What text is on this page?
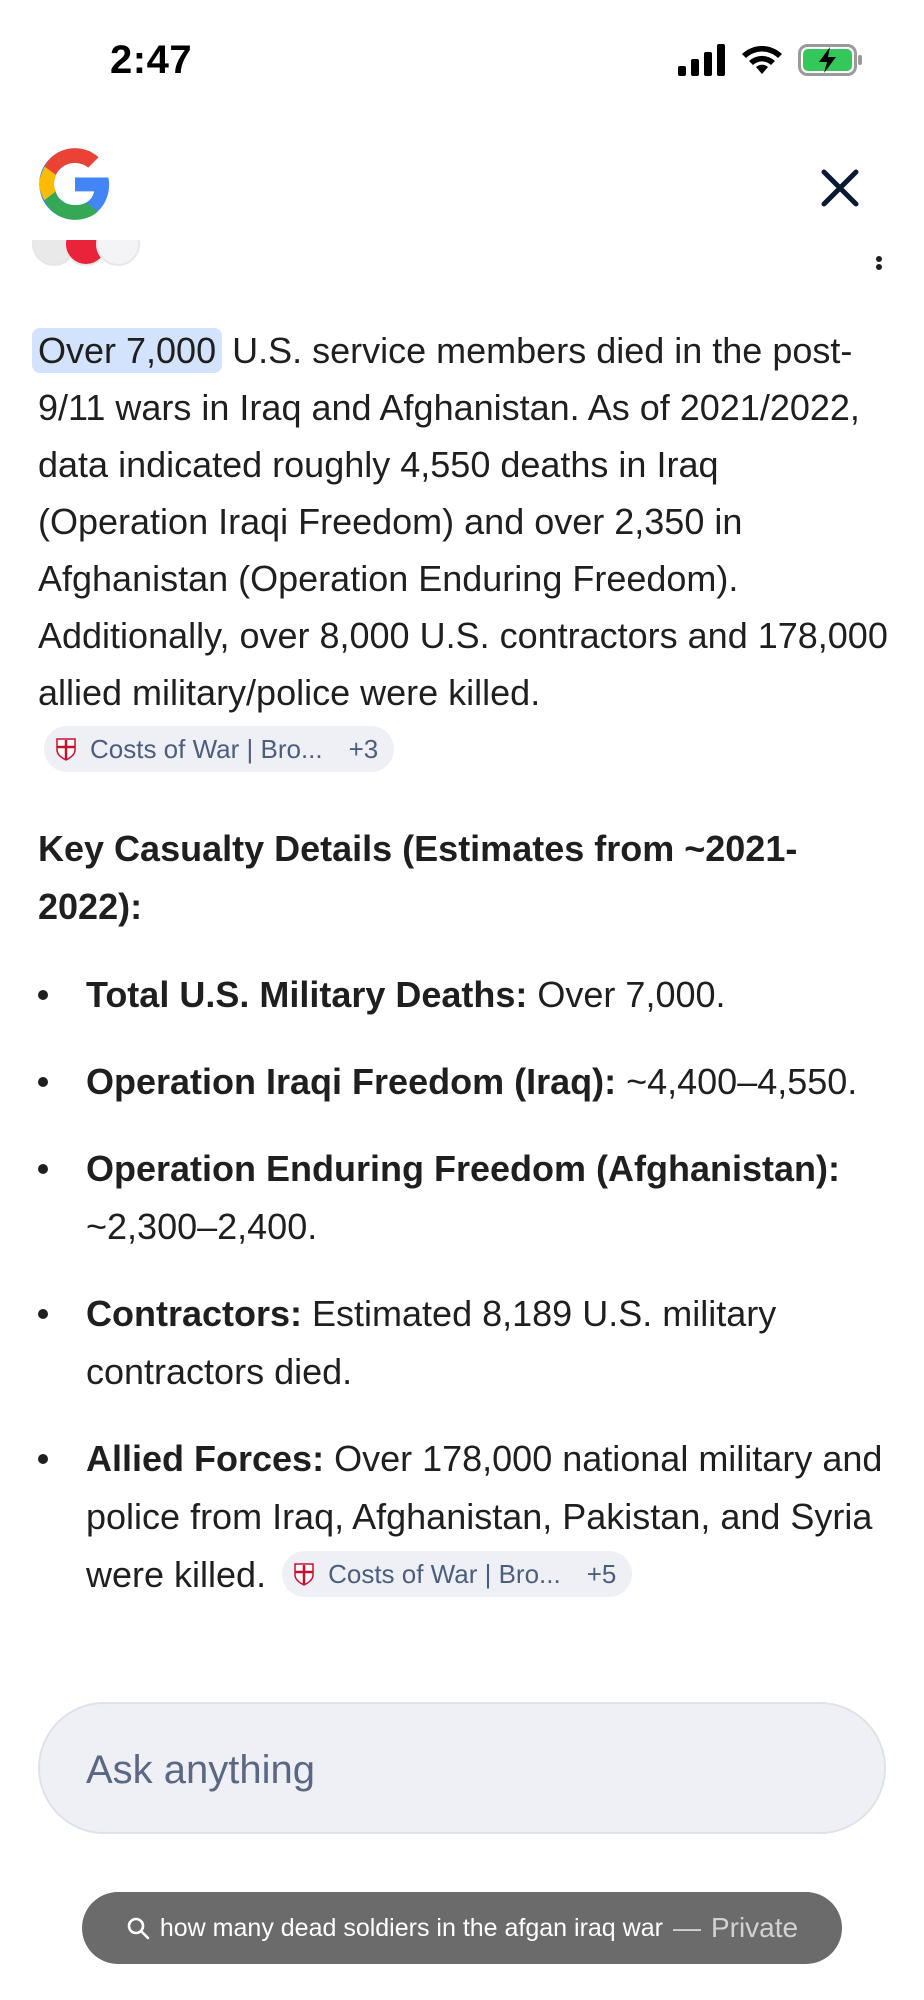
2:47

Over 7,000 U.S. service members died in the post-9/11 wars in Iraq and Afghanistan. As of 2021/2022, data indicated roughly 4,550 deaths in Iraq (Operation Iraqi Freedom) and over 2,350 in Afghanistan (Operation Enduring Freedom). Additionally, over 8,000 U.S. contractors and 178,000 allied military/police were killed.
Costs of War | Bro... +3

Key Casualty Details (Estimates from ~2021-2022):
Total U.S. Military Deaths: Over 7,000.
Operation Iraqi Freedom (Iraq): ~4,400–4,550.
Operation Enduring Freedom (Afghanistan): ~2,300–2,400.
Contractors: Estimated 8,189 U.S. military contractors died.
Allied Forces: Over 178,000 national military and police from Iraq, Afghanistan, Pakistan, and Syria were killed. Costs of War | Bro... +5
Ask anything
how many dead soldiers in the afgan iraq war — Private
